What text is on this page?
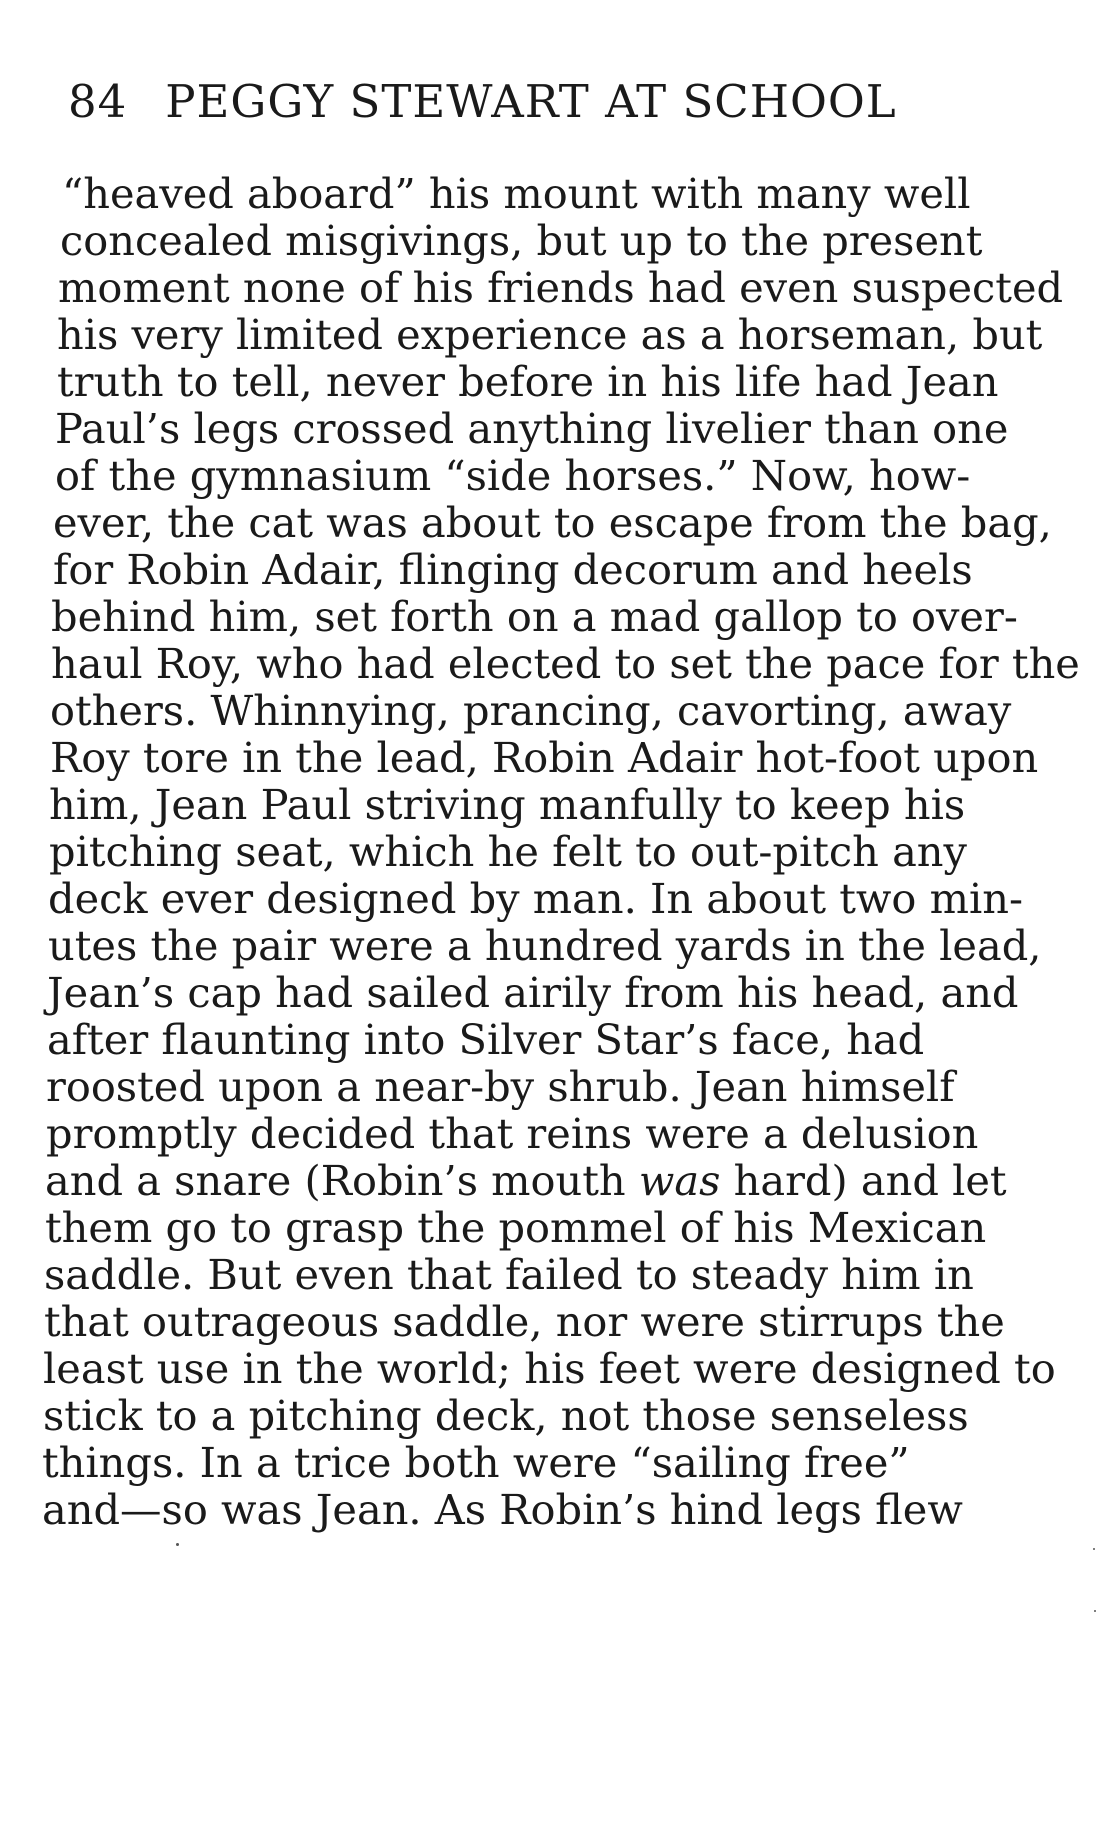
84 PEGGY STEWART AT SCHOOL
“heaved aboard” his mount with many well
concealed misgivings, but up to the present
moment none of his friends had even suspected
his very limited experience as a horseman, but
truth to tell, never before in his life had Jean
Paul’s legs crossed anything livelier than one
of the gymnasium “side horses.” Now, how-
ever, the cat was about to escape from the bag,
for Robin Adair, flinging decorum and heels
behind him, set forth on a mad gallop to over-
haul Roy, who had elected to set the pace for the
others. Whinnying, prancing, cavorting, away
Roy tore in the lead, Robin Adair hot-foot upon
him, Jean Paul striving manfully to keep his
pitching seat, which he felt to out-pitch any
deck ever designed by man. In about two min-
utes the pair were a hundred yards in the lead,
Jean’s cap had sailed airily from his head, and
after flaunting into Silver Star’s face, had
roosted upon a near-by shrub. Jean himself
promptly decided that reins were a delusion
and a snare (Robin’s mouth was hard) and let
them go to grasp the pommel of his Mexican
saddle. But even that failed to steady him in
that outrageous saddle, nor were stirrups the
least use in the world; his feet were designed to
stick to a pitching deck, not those senseless
things. In a trice both were “sailing free”
and—so was Jean. As Robin’s hind legs flew
